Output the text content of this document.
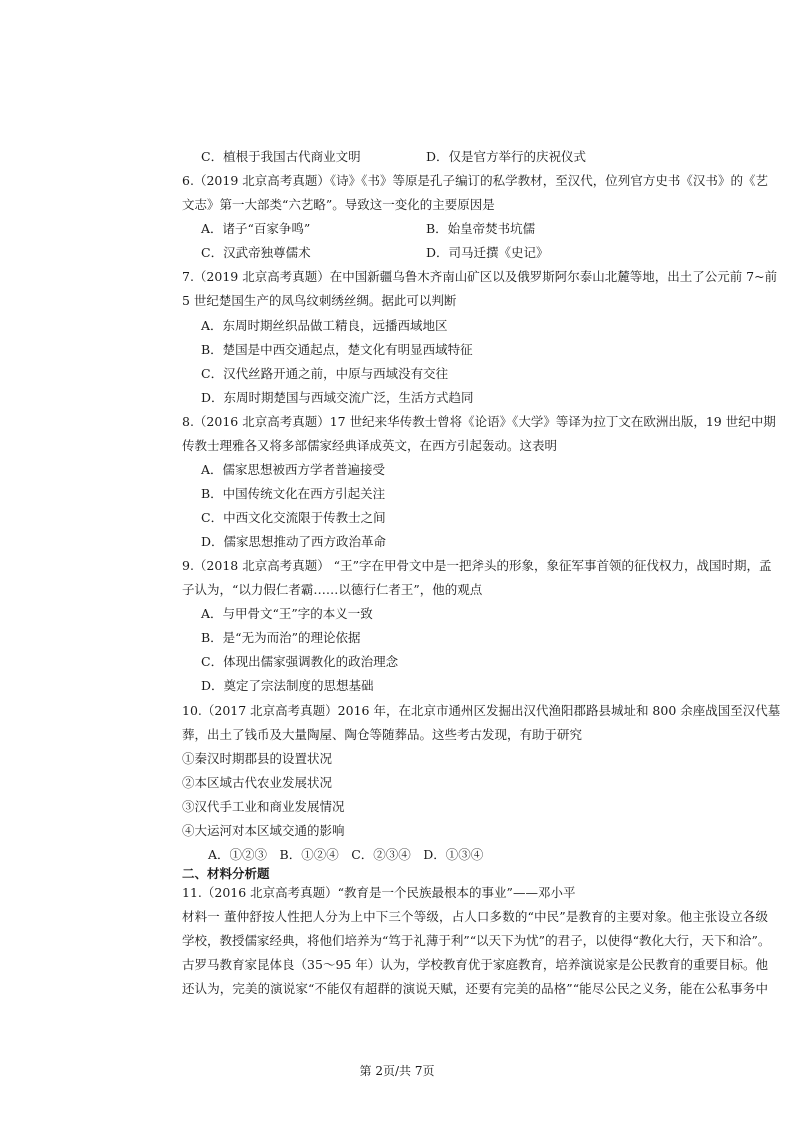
C．植根于我国古代商业文明	D．仅是官方举行的庆祝仪式
6.（2019 北京高考真题）《诗》《书》等原是孔子编订的私学教材，至汉代，位列官方史书《汉书》的《艺
文志》第一大部类“六艺略”。导致这一变化的主要原因是
A．诸子“百家争鸣”	B．始皇帝焚书坑儒
C．汉武帝独尊儒术	D．司马迁撰《史记》
7.（2019 北京高考真题）在中国新疆乌鲁木齐南山矿区以及俄罗斯阿尔泰山北麓等地，出土了公元前 7~前
5 世纪楚国生产的凤鸟纹刺绣丝绸。据此可以判断
A．东周时期丝织品做工精良，远播西域地区
B．楚国是中西交通起点，楚文化有明显西域特征
C．汉代丝路开通之前，中原与西域没有交往
D．东周时期楚国与西域交流广泛，生活方式趋同
8.（2016 北京高考真题）17 世纪来华传教士曾将《论语》《大学》等译为拉丁文在欧洲出版，19 世纪中期
传教士理雅各又将多部儒家经典译成英文，在西方引起轰动。这表明
A．儒家思想被西方学者普遍接受
B．中国传统文化在西方引起关注
C．中西文化交流限于传教士之间
D．儒家思想推动了西方政治革命
9.（2018 北京高考真题） “王”字在甲骨文中是一把斧头的形象，象征军事首领的征伐权力，战国时期，孟
子认为，“以力假仁者霸……以德行仁者王”，他的观点
A．与甲骨文“王”字的本义一致
B．是“无为而治”的理论依据
C．体现出儒家强调教化的政治理念
D．奠定了宗法制度的思想基础
10.（2017 北京高考真题）2016 年，在北京市通州区发掘出汉代渔阳郡路县城址和 800 余座战国至汉代墓
葬，出土了钱币及大量陶屋、陶仓等随葬品。这些考古发现，有助于研究
①秦汉时期郡县的设置状况
②本区域古代农业发展状况
③汉代手工业和商业发展情况
④大运河对本区域交通的影响
A．①②③　B．①②④　C．②③④　D．①③④
二、材料分析题
11.（2016 北京高考真题）“教育是一个民族最根本的事业”——邓小平
材料一 董仲舒按人性把人分为上中下三个等级，占人口多数的“中民”是教育的主要对象。他主张设立各级
学校，教授儒家经典，将他们培养为“笃于礼薄于利”“以天下为忧”的君子，以使得“教化大行，天下和洽”。
古罗马教育家昆体良（35～95 年）认为，学校教育优于家庭教育，培养演说家是公民教育的重要目标。他
还认为，完美的演说家“不能仅有超群的演说天赋，还要有完美的品格”“能尽公民之义务，能在公私事务中
第 2页/共 7页
